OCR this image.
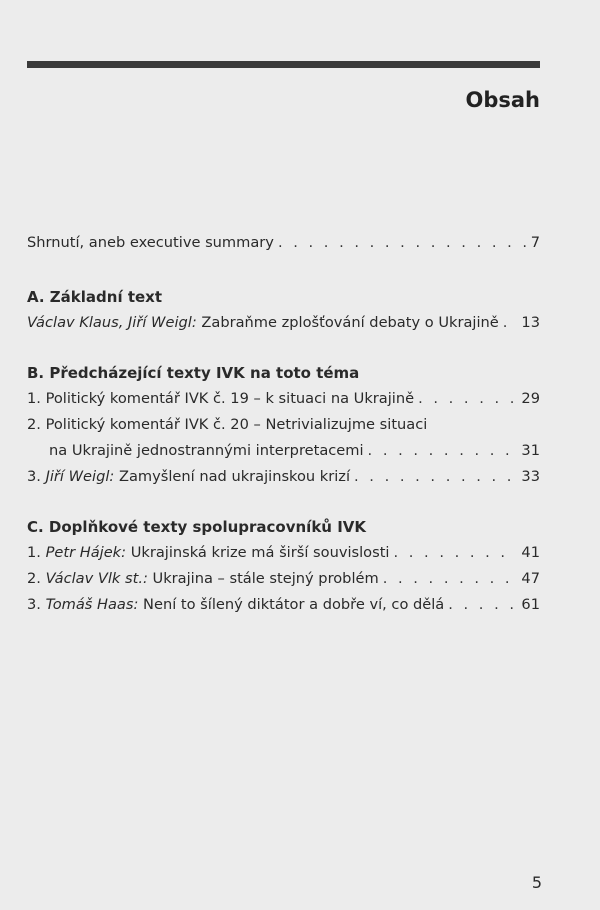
Obsah
Shrnutí, aneb executive summary . . .	7
A. Základní text
Václav Klaus, Jiří Weigl: Zabraňme zplošťování debaty o Ukrajině . . . 13
B. Předcházející texty IVK na toto téma
1. Politický komentář IVK č. 19 – k situaci na Ukrajině . . .	29
2. Politický komentář IVK č. 20 – Netrivializujme situaci
na Ukrajině jednostrannými interpretacemi . . .	31
3. Jiří Weigl: Zamyšlení nad ukrajinskou krizí . . .	33
C. Doplňkové texty spolupracovníků IVK
1. Petr Hájek: Ukrajinská krize má širší souvislosti . . .	41
2. Václav Vlk st.: Ukrajina – stále stejný problém . . .	47
3. Tomáš Haas: Není to šílený diktátor a dobře ví, co dělá . . .	61
5
